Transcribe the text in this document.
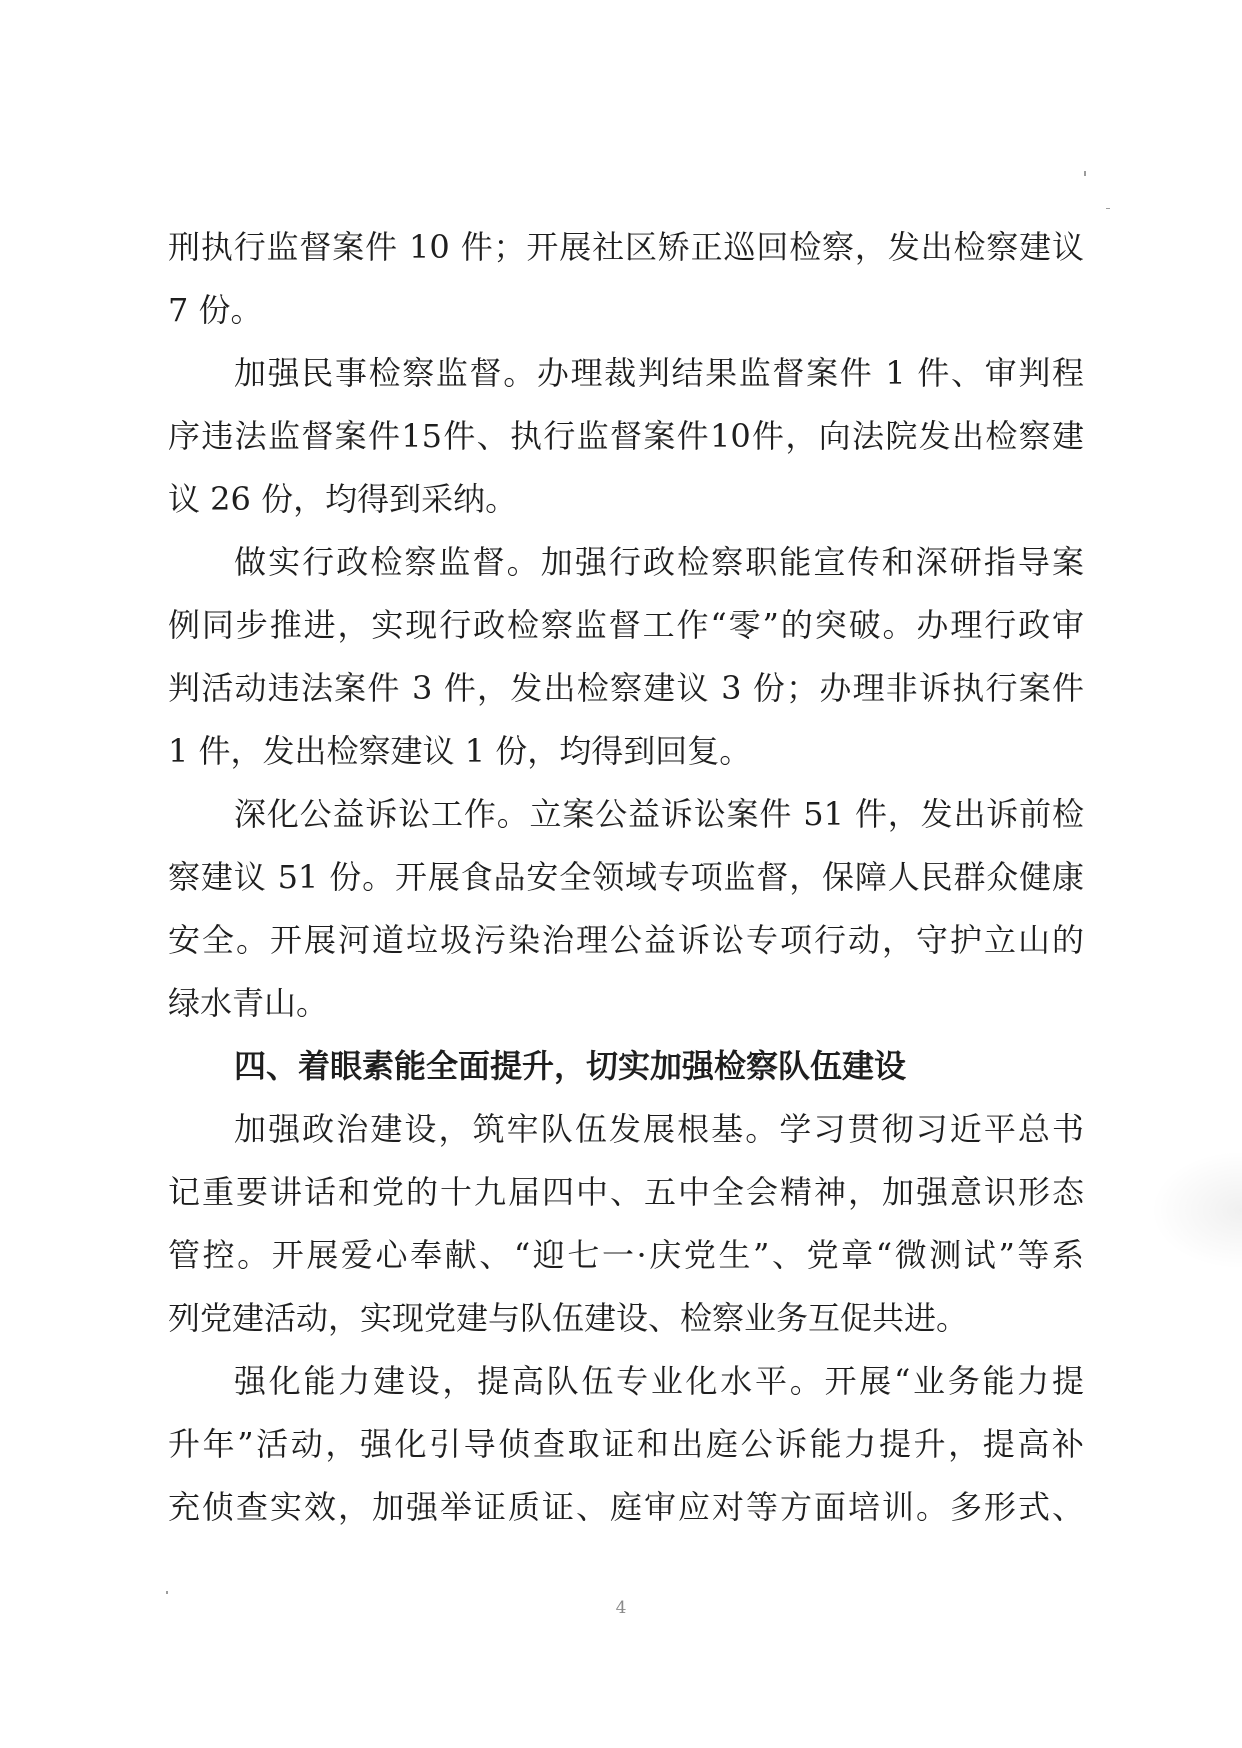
刑执行监督案件 10 件；开展社区矫正巡回检察，发出检察建议
7 份。
加强民事检察监督。办理裁判结果监督案件 1 件、审判程
序违法监督案件15件、执行监督案件10件，向法院发出检察建
议 26 份，均得到采纳。
做实行政检察监督。加强行政检察职能宣传和深研指导案
例同步推进，实现行政检察监督工作“零”的突破。办理行政审
判活动违法案件 3 件，发出检察建议 3 份；办理非诉执行案件
1 件，发出检察建议 1 份，均得到回复。
深化公益诉讼工作。立案公益诉讼案件 51 件，发出诉前检
察建议 51 份。开展食品安全领域专项监督，保障人民群众健康
安全。开展河道垃圾污染治理公益诉讼专项行动，守护立山的
绿水青山。
四、着眼素能全面提升，切实加强检察队伍建设
加强政治建设，筑牢队伍发展根基。学习贯彻习近平总书
记重要讲话和党的十九届四中、五中全会精神，加强意识形态
管控。开展爱心奉献、“迎七一·庆党生”、党章“微测试”等系
列党建活动，实现党建与队伍建设、检察业务互促共进。
强化能力建设，提高队伍专业化水平。开展“业务能力提
升年”活动，强化引导侦查取证和出庭公诉能力提升，提高补
充侦查实效，加强举证质证、庭审应对等方面培训。多形式、
4
